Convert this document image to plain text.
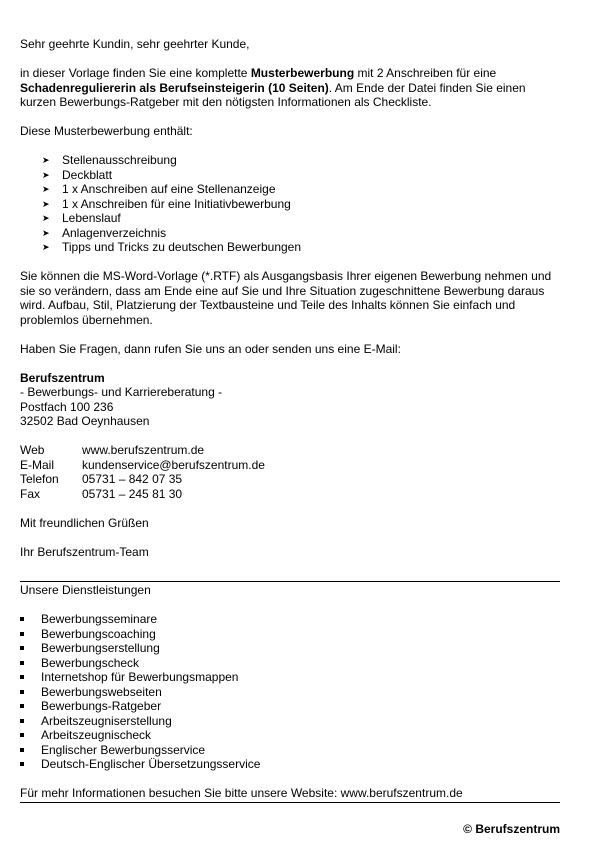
Sehr geehrte Kundin, sehr geehrter Kunde,

in dieser Vorlage finden Sie eine komplette Musterbewerbung mit 2 Anschreiben für eine Schadenreguliererin als Berufseinsteigerin (10 Seiten). Am Ende der Datei finden Sie einen kurzen Bewerbungs-Ratgeber mit den nötigsten Informationen als Checkliste.

Diese Musterbewerbung enthält:

➤ Stellenausschreibung
➤ Deckblatt
➤ 1 x Anschreiben auf eine Stellenanzeige
➤ 1 x Anschreiben für eine Initiativbewerbung
➤ Lebenslauf
➤ Anlagenverzeichnis
➤ Tipps und Tricks zu deutschen Bewerbungen

Sie können die MS-Word-Vorlage (*.RTF) als Ausgangsbasis Ihrer eigenen Bewerbung nehmen und sie so verändern, dass am Ende eine auf Sie und Ihre Situation zugeschnittene Bewerbung daraus wird. Aufbau, Stil, Platzierung der Textbausteine und Teile des Inhalts können Sie einfach und problemlos übernehmen.

Haben Sie Fragen, dann rufen Sie uns an oder senden uns eine E-Mail:

Berufszentrum

- Bewerbungs- und Karriereberatung -

Postfach 100 236

32502 Bad Oeynhausen

Web	www.berufszentrum.de
E-Mail	kundenservice@berufszentrum.de
Telefon	05731 – 842 07 35
Fax	05731 – 245 81 30

Mit freundlichen Grüßen

Ihr Berufszentrum-Team

Unsere Dienstleistungen

Bewerbungsseminare
Bewerbungscoaching
Bewerbungserstellung
Bewerbungscheck
Internetshop für Bewerbungsmappen
Bewerbungswebseiten
Bewerbungs-Ratgeber
Arbeitszeugniserstellung
Arbeitszeugnischeck
Englischer Bewerbungsservice
Deutsch-Englischer Übersetzungsservice

Für mehr Informationen besuchen Sie bitte unsere Website: www.berufszentrum.de

© Berufszentrum
